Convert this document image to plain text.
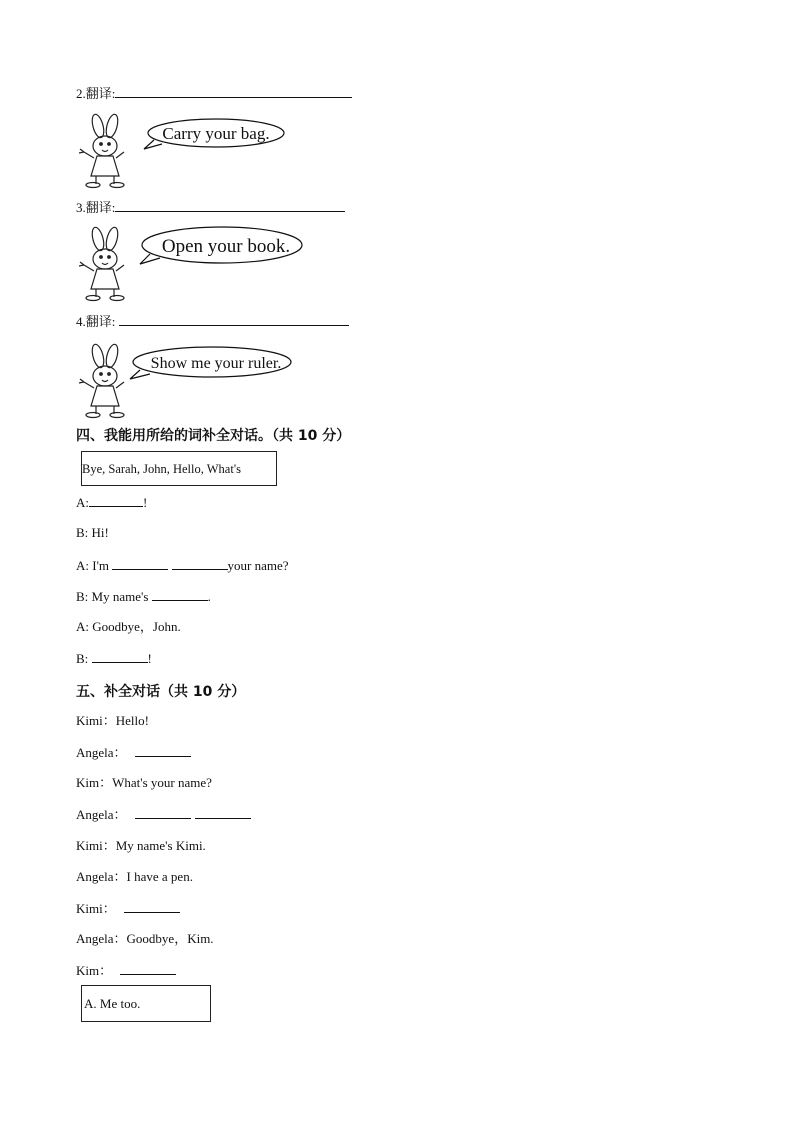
2.翻译:
Carry your bag.
3.翻译:
Open your book.
4.翻译:
Show me your ruler.
四、我能用所给的词补全对话。（共 10 分）
Bye, Sarah, John, Hello, What's
A:	!
B: Hi!
A: I'm	your name?
B: My name's	.
A: Goodbye，John.
B:	!
五、补全对话（共 10 分）
Kimi：Hello!
Angela：
Kim：What's your name?
Angela：
Kimi：My name's Kimi.
Angela：I have a pen.
Kimi：
Angela：Goodbye，Kim.
Kim：
A. Me too.
